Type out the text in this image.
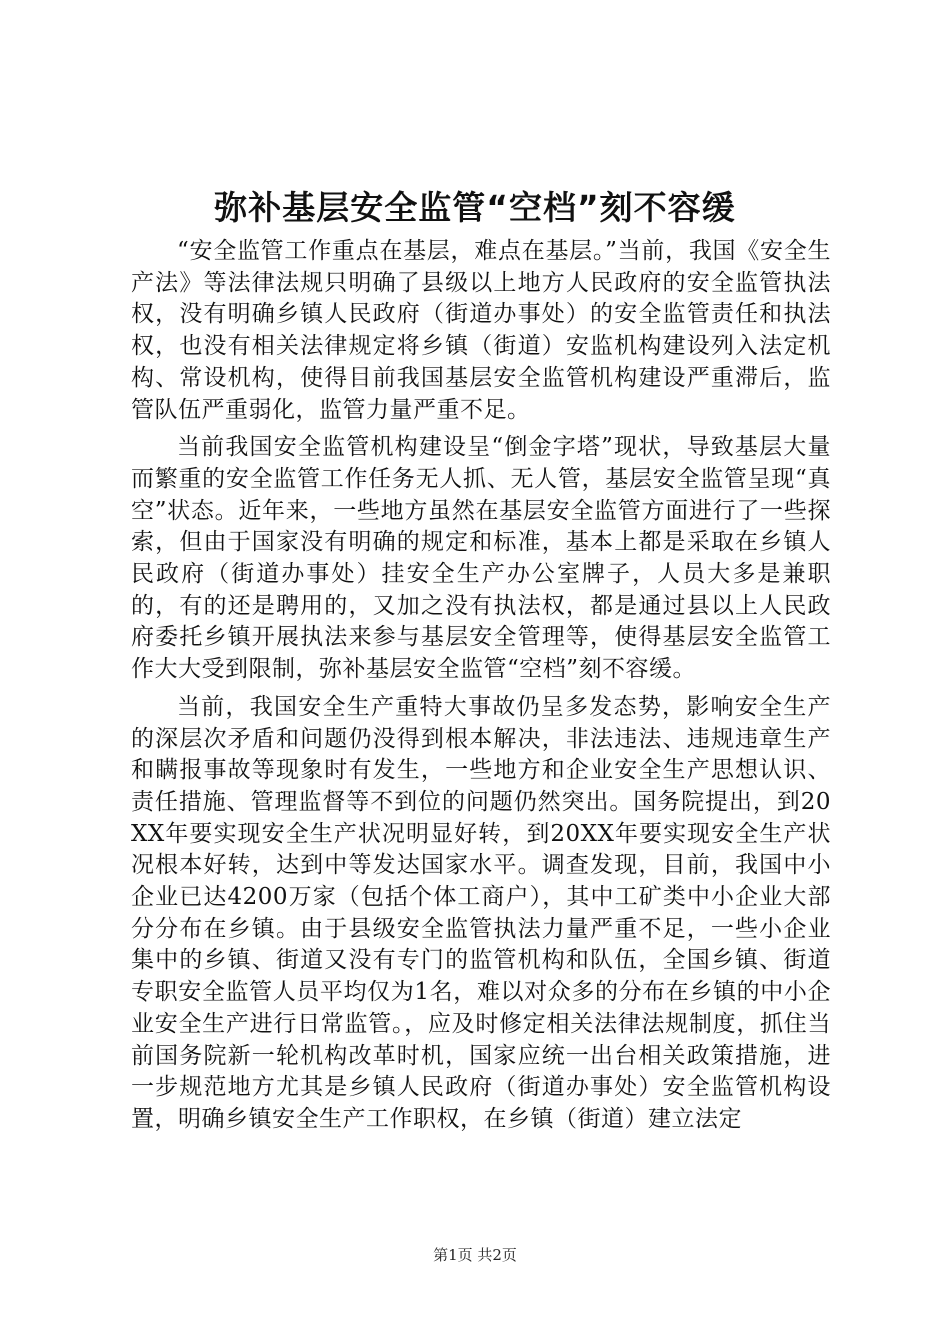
弥补基层安全监管“空档”刻不容缓

“安全监管工作重点在基层，难点在基层。”当前，我国《安全生产法》等法律法规只明确了县级以上地方人民政府的安全监管执法权，没有明确乡镇人民政府（街道办事处）的安全监管责任和执法权，也没有相关法律规定将乡镇（街道）安监机构建设列入法定机构、常设机构，使得目前我国基层安全监管机构建设严重滞后，监管队伍严重弱化，监管力量严重不足。

当前我国安全监管机构建设呈“倒金字塔”现状，导致基层大量而繁重的安全监管工作任务无人抓、无人管，基层安全监管呈现“真空”状态。近年来，一些地方虽然在基层安全监管方面进行了一些探索，但由于国家没有明确的规定和标准，基本上都是采取在乡镇人民政府（街道办事处）挂安全生产办公室牌子，人员大多是兼职的，有的还是聘用的，又加之没有执法权，都是通过县以上人民政府委托乡镇开展执法来参与基层安全管理等，使得基层安全监管工作大大受到限制，弥补基层安全监管“空档”刻不容缓。

当前，我国安全生产重特大事故仍呈多发态势，影响安全生产的深层次矛盾和问题仍没得到根本解决，非法违法、违规违章生产和瞒报事故等现象时有发生，一些地方和企业安全生产思想认识、责任措施、管理监督等不到位的问题仍然突出。国务院提出，到20XX年要实现安全生产状况明显好转，到20XX年要实现安全生产状况根本好转，达到中等发达国家水平。调查发现，目前，我国中小企业已达4200万家（包括个体工商户），其中工矿类中小企业大部分分布在乡镇。由于县级安全监管执法力量严重不足，一些小企业集中的乡镇、街道又没有专门的监管机构和队伍，全国乡镇、街道专职安全监管人员平均仅为1名，难以对众多的分布在乡镇的中小企业安全生产进行日常监管。，应及时修定相关法律法规制度，抓住当前国务院新一轮机构改革时机，国家应统一出台相关政策措施，进一步规范地方尤其是乡镇人民政府（街道办事处）安全监管机构设置，明确乡镇安全生产工作职权，在乡镇（街道）建立法定

第1页 共2页
